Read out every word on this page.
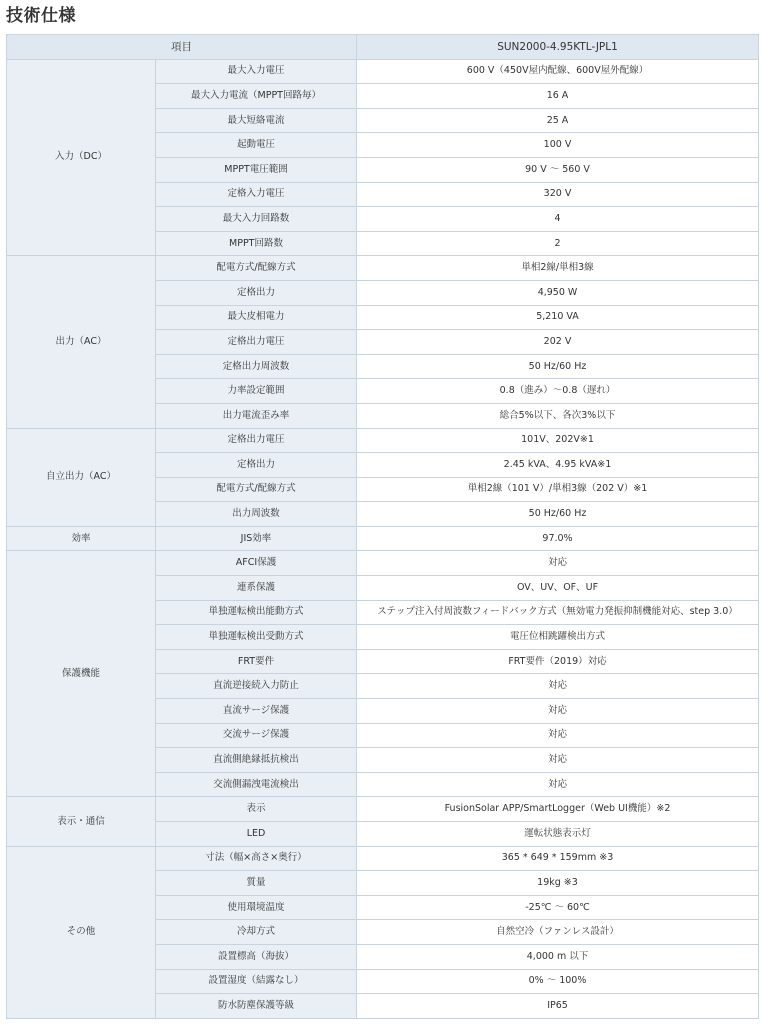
技術仕様
項目		SUN2000-4.95KTL-JPL1
入力（DC）	最大入力電圧	600 V（450V屋内配線、600V屋外配線）
	最大入力電流（MPPT回路毎）	16 A
	最大短絡電流	25 A
	起動電圧	100 V
	MPPT電圧範囲	90 V ～ 560 V
	定格入力電圧	320 V
	最大入力回路数	4
	MPPT回路数	2
出力（AC）	配電方式/配線方式	単相2線/単相3線
	定格出力	4,950 W
	最大皮相電力	5,210 VA
	定格出力電圧	202 V
	定格出力周波数	50 Hz/60 Hz
	力率設定範囲	0.8（進み）～0.8（遅れ）
	出力電流歪み率	総合5%以下、各次3%以下
自立出力（AC）	定格出力電圧	101V、202V※1
	定格出力	2.45 kVA、4.95 kVA※1
	配電方式/配線方式	単相2線（101 V）/単相3線（202 V）※1
	出力周波数	50 Hz/60 Hz
効率	JIS効率	97.0%
保護機能	AFCI保護	対応
	連系保護	OV、UV、OF、UF
	単独運転検出能動方式	ステップ注入付周波数フィードバック方式（無効電力発振抑制機能対応、step 3.0）
	単独運転検出受動方式	電圧位相跳躍検出方式
	FRT要件	FRT要件（2019）対応
	直流逆接続入力防止	対応
	直流サージ保護	対応
	交流サージ保護	対応
	直流側絶縁抵抗検出	対応
	交流側漏洩電流検出	対応
表示・通信	表示	FusionSolar APP/SmartLogger（Web UI機能）※2
	LED	運転状態表示灯
その他	寸法（幅×高さ×奥行）	365 * 649 * 159mm ※3
	質量	19kg ※3
	使用環境温度	-25℃ ～ 60℃
	冷却方式	自然空冷（ファンレス設計）
	設置標高（海抜）	4,000 m 以下
	設置湿度（結露なし）	0% ～ 100%
	防水防塵保護等級	IP65
